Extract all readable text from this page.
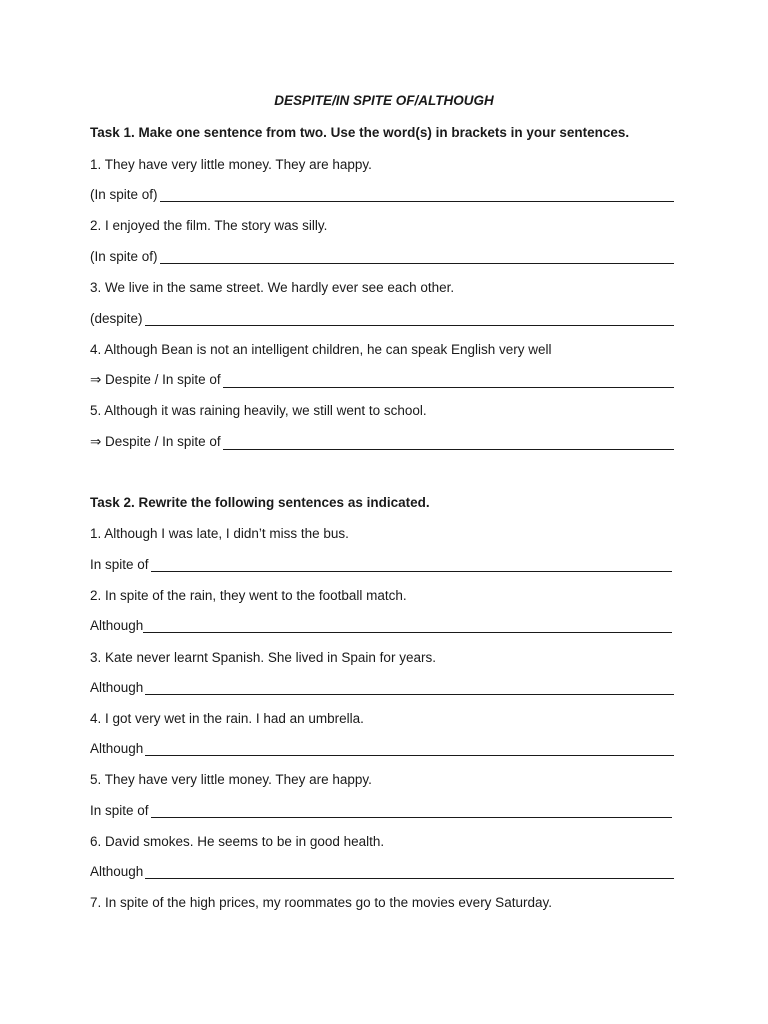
DESPITE/IN SPITE OF/ALTHOUGH
Task 1. Make one sentence from two. Use the word(s) in brackets in your sentences.
1. They have very little money. They are happy.
(In spite of)
2. I enjoyed the film. The story was silly.
(In spite of)
3. We live in the same street. We hardly ever see each other.
(despite)
4. Although Bean is not an intelligent children, he can speak English very well
⇒ Despite / In spite of
5. Although it was raining heavily, we still went to school.
⇒ Despite / In spite of
Task 2. Rewrite the following sentences as indicated.
1. Although I was late, I didn’t miss the bus.
In spite of
2. In spite of the rain, they went to the football match.
Although
3. Kate never learnt Spanish. She lived in Spain for years.
Although
4. I got very wet in the rain. I had an umbrella.
Although
5. They have very little money. They are happy.
In spite of
6. David smokes. He seems to be in good health.
Although
7. In spite of the high prices, my roommates go to the movies every Saturday.
